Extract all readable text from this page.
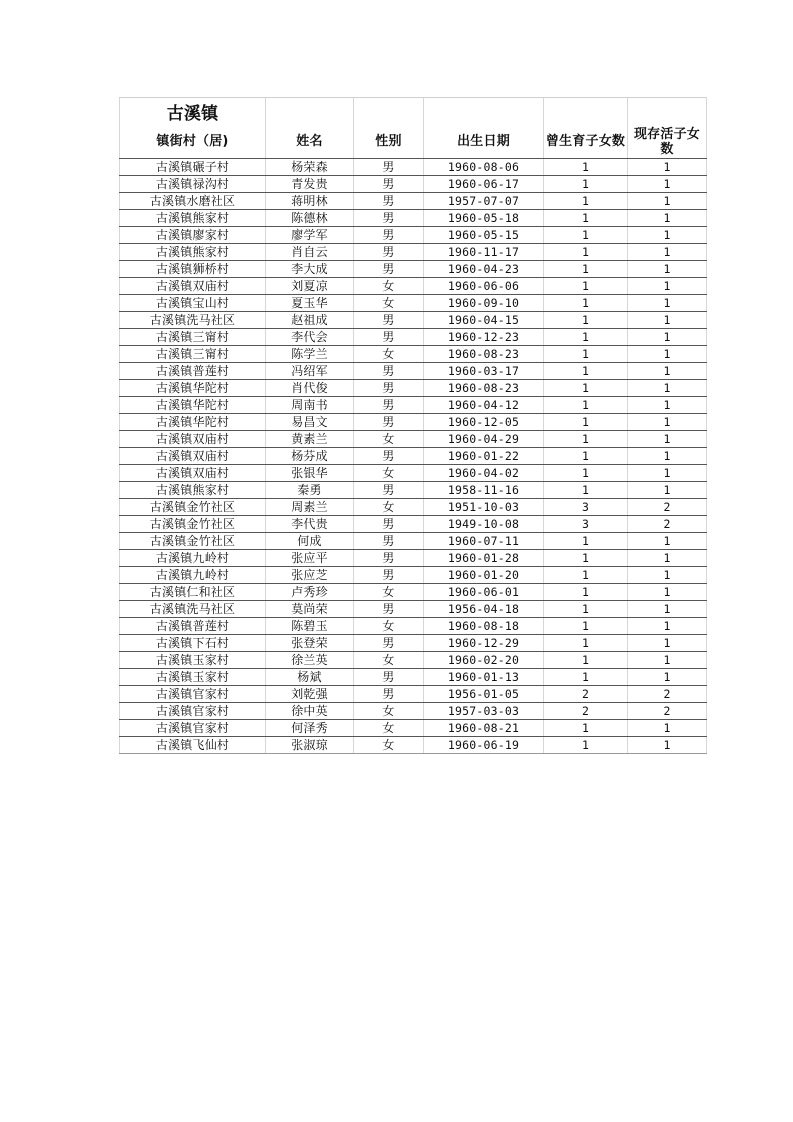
古溪镇					
镇街村（居)	姓名	性别	出生日期	曾生育子女数	现存活子女数
古溪镇碾子村	杨荣森	男	1960-08-06	1	1
古溪镇禄沟村	青发贵	男	1960-06-17	1	1
古溪镇水磨社区	蒋明林	男	1957-07-07	1	1
古溪镇熊家村	陈德林	男	1960-05-18	1	1
古溪镇廖家村	廖学军	男	1960-05-15	1	1
古溪镇熊家村	肖自云	男	1960-11-17	1	1
古溪镇狮桥村	李大成	男	1960-04-23	1	1
古溪镇双庙村	刘夏凉	女	1960-06-06	1	1
古溪镇宝山村	夏玉华	女	1960-09-10	1	1
古溪镇洗马社区	赵祖成	男	1960-04-15	1	1
古溪镇三甯村	李代会	男	1960-12-23	1	1
古溪镇三甯村	陈学兰	女	1960-08-23	1	1
古溪镇普莲村	冯绍军	男	1960-03-17	1	1
古溪镇华陀村	肖代俊	男	1960-08-23	1	1
古溪镇华陀村	周南书	男	1960-04-12	1	1
古溪镇华陀村	易昌文	男	1960-12-05	1	1
古溪镇双庙村	黄素兰	女	1960-04-29	1	1
古溪镇双庙村	杨芬成	男	1960-01-22	1	1
古溪镇双庙村	张银华	女	1960-04-02	1	1
古溪镇熊家村	秦勇	男	1958-11-16	1	1
古溪镇金竹社区	周素兰	女	1951-10-03	3	2
古溪镇金竹社区	李代贵	男	1949-10-08	3	2
古溪镇金竹社区	何成	男	1960-07-11	1	1
古溪镇九岭村	张应平	男	1960-01-28	1	1
古溪镇九岭村	张应芝	男	1960-01-20	1	1
古溪镇仁和社区	卢秀珍	女	1960-06-01	1	1
古溪镇洗马社区	莫尚荣	男	1956-04-18	1	1
古溪镇普莲村	陈碧玉	女	1960-08-18	1	1
古溪镇下石村	张登荣	男	1960-12-29	1	1
古溪镇玉家村	徐兰英	女	1960-02-20	1	1
古溪镇玉家村	杨斌	男	1960-01-13	1	1
古溪镇官家村	刘乾强	男	1956-01-05	2	2
古溪镇官家村	徐中英	女	1957-03-03	2	2
古溪镇官家村	何泽秀	女	1960-08-21	1	1
古溪镇飞仙村	张淑琼	女	1960-06-19	1	1
